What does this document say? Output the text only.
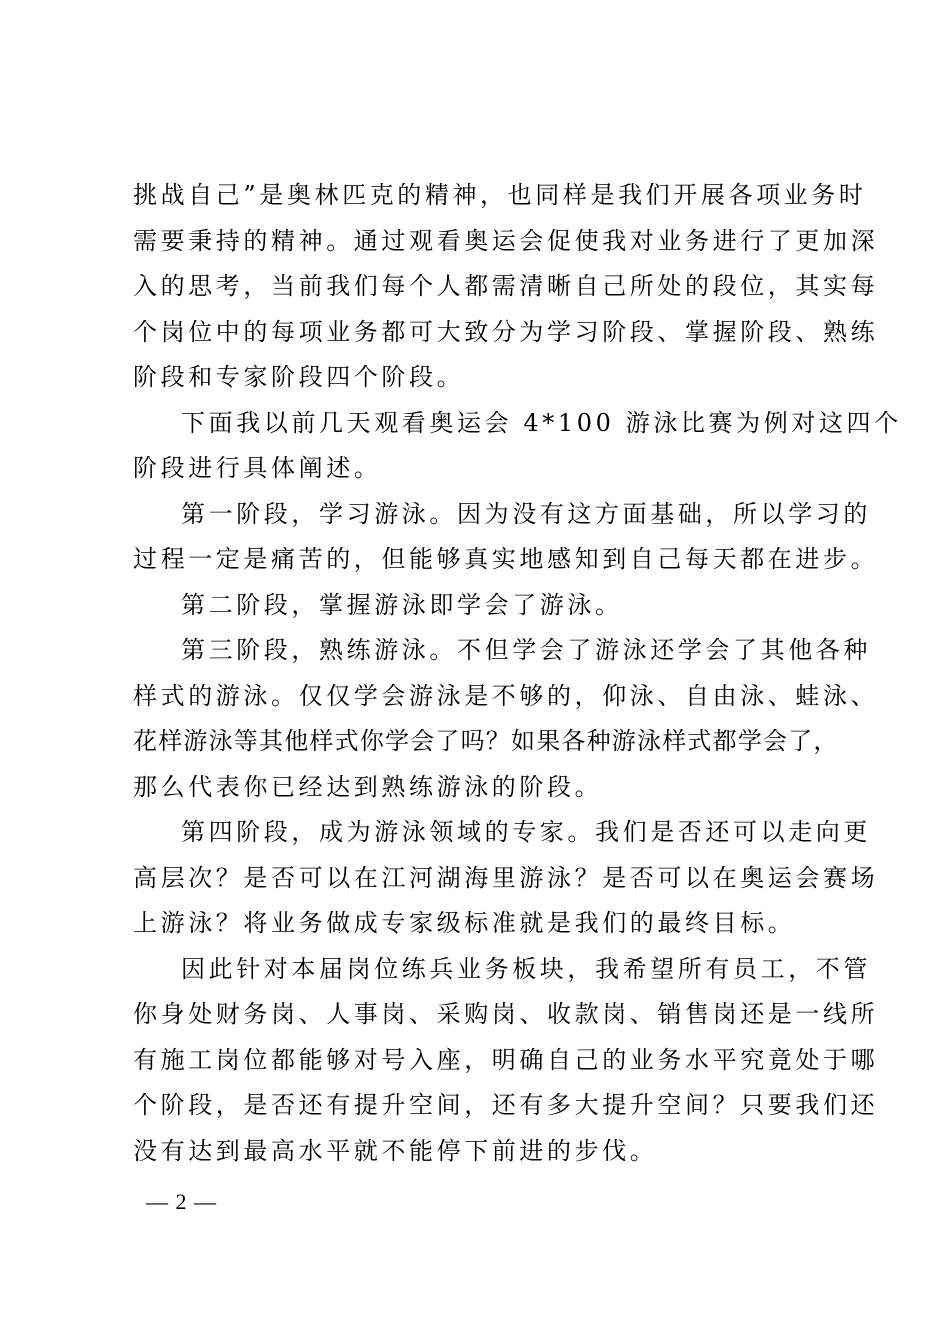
挑战自己”是奥林匹克的精神，也同样是我们开展各项业务时
需要秉持的精神。通过观看奥运会促使我对业务进行了更加深
入的思考，当前我们每个人都需清晰自己所处的段位，其实每
个岗位中的每项业务都可大致分为学习阶段、掌握阶段、熟练
阶段和专家阶段四个阶段。
下面我以前几天观看奥运会 4*100 游泳比赛为例对这四个
阶段进行具体阐述。
第一阶段，学习游泳。因为没有这方面基础，所以学习的
过程一定是痛苦的，但能够真实地感知到自己每天都在进步。
第二阶段，掌握游泳即学会了游泳。
第三阶段，熟练游泳。不但学会了游泳还学会了其他各种
样式的游泳。仅仅学会游泳是不够的，仰泳、自由泳、蛙泳、
花样游泳等其他样式你学会了吗？如果各种游泳样式都学会了，
那么代表你已经达到熟练游泳的阶段。
第四阶段，成为游泳领域的专家。我们是否还可以走向更
高层次？是否可以在江河湖海里游泳？是否可以在奥运会赛场
上游泳？将业务做成专家级标准就是我们的最终目标。
因此针对本届岗位练兵业务板块，我希望所有员工，不管
你身处财务岗、人事岗、采购岗、收款岗、销售岗还是一线所
有施工岗位都能够对号入座，明确自己的业务水平究竟处于哪
个阶段，是否还有提升空间，还有多大提升空间？只要我们还
没有达到最高水平就不能停下前进的步伐。
— 2 —
